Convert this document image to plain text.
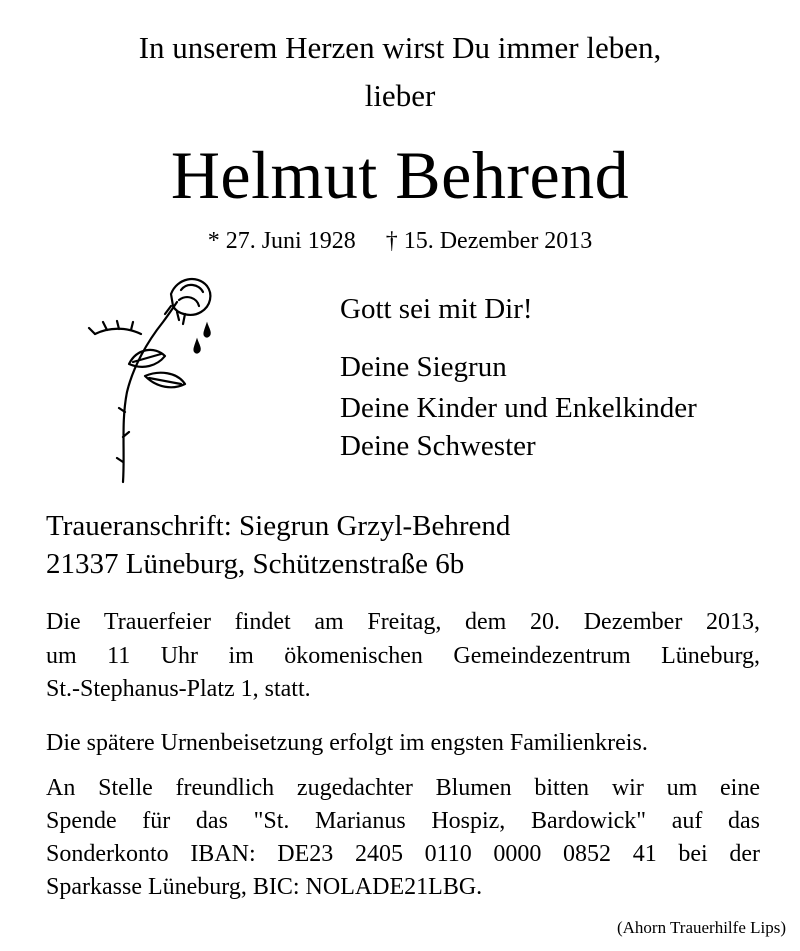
In unserem Herzen wirst Du immer leben,
lieber
Helmut Behrend
* 27. Juni 1928 † 15. Dezember 2013
Gott sei mit Dir!
Deine Siegrun
Deine Kinder und Enkelkinder
Deine Schwester
Traueranschrift: Siegrun Grzyl-Behrend
21337 Lüneburg, Schützenstraße 6b
Die Trauerfeier findet am Freitag, dem 20. Dezember 2013,
um 11 Uhr im ökomenischen Gemeindezentrum Lüneburg,
St.-Stephanus-Platz 1, statt.
Die spätere Urnenbeisetzung erfolgt im engsten Familienkreis.
An Stelle freundlich zugedachter Blumen bitten wir um eine
Spende für das "St. Marianus Hospiz, Bardowick" auf das
Sonderkonto IBAN: DE23 2405 0110 0000 0852 41 bei der
Sparkasse Lüneburg, BIC: NOLADE21LBG.
(Ahorn Trauerhilfe Lips)
